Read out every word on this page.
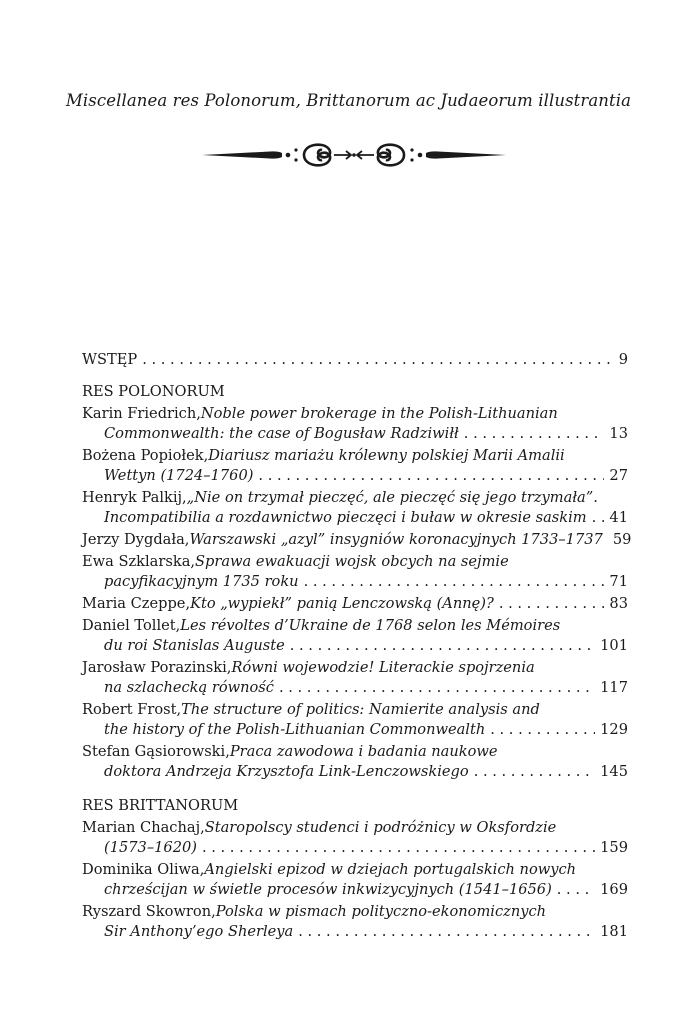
Miscellanea res Polonorum, Brittanorum ac Judaeorum illustrantia
WSTĘP . . .	9
RES POLONORUM
Karin Friedrich, Noble power brokerage in the Polish-Lithuanian
Commonwealth: the case of Bogusław Radziwiłł . . .	13
Bożena Popiołek, Diariusz mariażu królewny polskiej Marii Amalii
Wettyn (1724–1760) . . .	27
Henryk Palkij, „Nie on trzymał pieczęć, ale pieczęć się jego trzymała”.
Incompatibilia a rozdawnictwo pieczęci i buław w okresie saskim . . . 41
Jerzy Dygdała, Warszawski „azyl” insygniów koronacyjnych 1733–1737 59
Ewa Szklarska, Sprawa ewakuacji wojsk obcych na sejmie
pacyfikacyjnym 1735 roku . . .	71
Maria Czeppe, Kto „wypiekł” panią Lenczowską (Annę)? . . .	83
Daniel Tollet, Les révoltes d’Ukraine de 1768 selon les Mémoires
du roi Stanislas Auguste . . .	101
Jarosław Porazinski, Równi wojewodzie! Literackie spojrzenia
na szlachecką równość . . .	117
Robert Frost, The structure of politics: Namierite analysis and
the history of the Polish-Lithuanian Commonwealth . . .	129
Stefan Gąsiorowski, Praca zawodowa i badania naukowe
doktora Andrzeja Krzysztofa Link-Lenczowskiego . . .	145
RES BRITTANORUM
Marian Chachaj, Staropolscy studenci i podróżnicy w Oksfordzie
(1573–1620) . . .	159
Dominika Oliwa, Angielski epizod w dziejach portugalskich nowych
chrześcijan w świetle procesów inkwizycyjnych (1541–1656) . . .	169
Ryszard Skowron, Polska w pismach polityczno-ekonomicznych
Sir Anthony’ego Sherleya . . .	181
